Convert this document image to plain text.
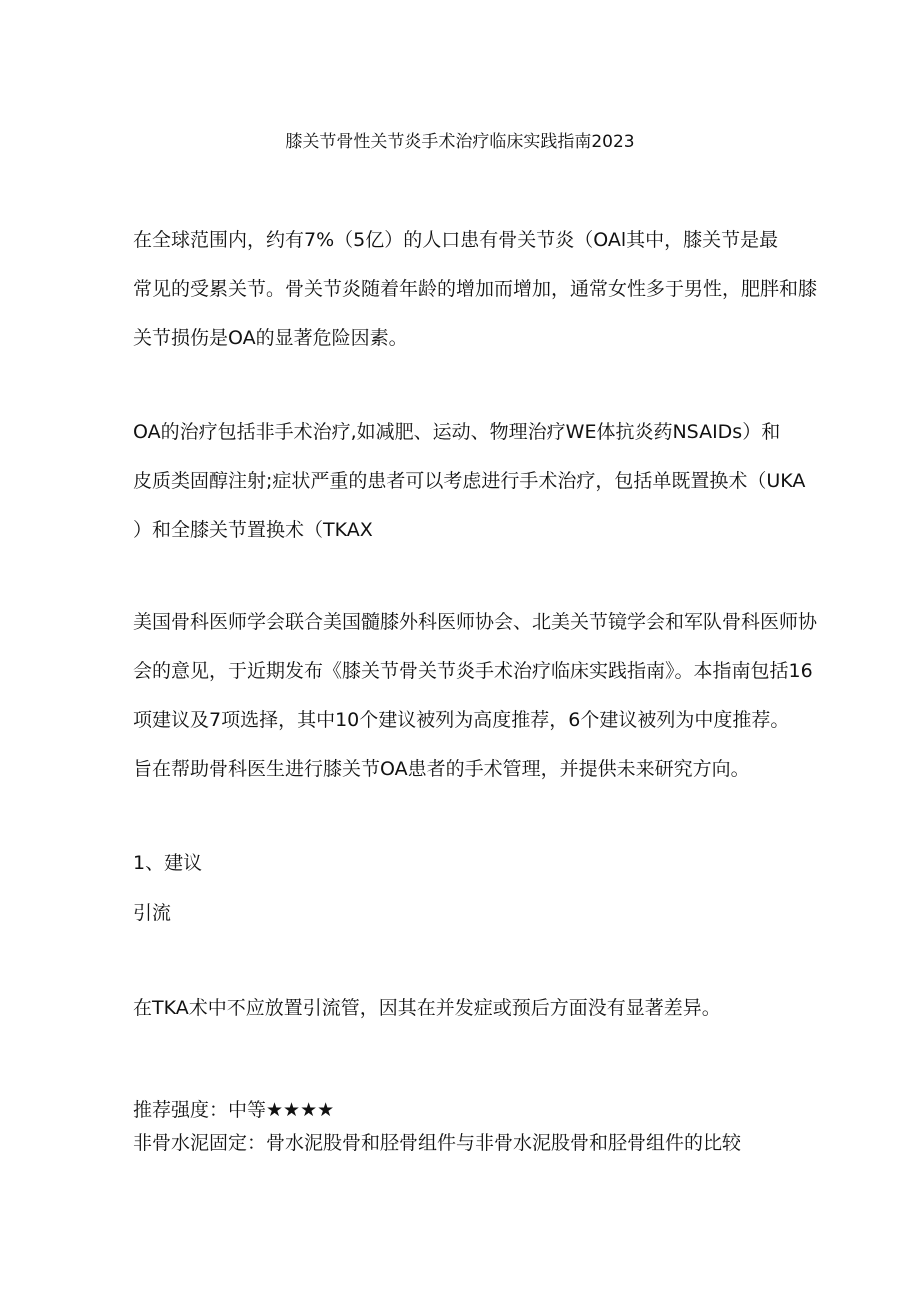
膝关节骨性关节炎手术治疗临床实践指南2023
在全球范围内，约有7%（5亿）的人口患有骨关节炎（OAl其中，膝关节是最
常见的受累关节。骨关节炎随着年龄的增加而增加，通常女性多于男性，肥胖和膝
关节损伤是OA的显著危险因素。
OA的治疗包括非手术治疗,如减肥、运动、物理治疗WE体抗炎药NSAIDs）和
皮质类固醇注射;症状严重的患者可以考虑进行手术治疗，包括单既置换术（UKA
）和全膝关节置换术（TKAX
美国骨科医师学会联合美国髓膝外科医师协会、北美关节镜学会和军队骨科医师协
会的意见，于近期发布《膝关节骨关节炎手术治疗临床实践指南》。本指南包括16
项建议及7项选择，其中10个建议被列为高度推荐，6个建议被列为中度推荐。
旨在帮助骨科医生进行膝关节OA患者的手术管理，并提供未来研究方向。
1、建议
引流
在TKA术中不应放置引流管，因其在并发症或预后方面没有显著差异。
推荐强度：中等★★★★
非骨水泥固定：骨水泥股骨和胫骨组件与非骨水泥股骨和胫骨组件的比较
